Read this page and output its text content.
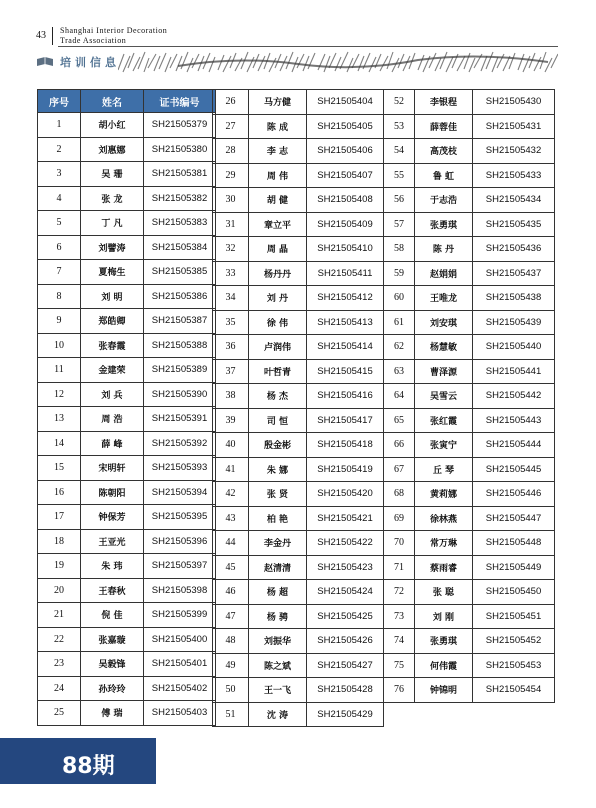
43 Shanghai Interior Decoration
Trade Association
培训信息
序号	姓名	证书编号
1	胡小红	SH21505379
2	刘惠娜	SH21505380
3	吴 珊	SH21505381
4	张 龙	SH21505382
5	丁 凡	SH21505383
6	刘譬涛	SH21505384
7	夏梅生	SH21505385
8	刘 明	SH21505386
9	郑皓卿	SH21505387
10	张春霞	SH21505388
11	金建荣	SH21505389
12	刘 兵	SH21505390
13	周 浩	SH21505391
14	薛 峰	SH21505392
15	宋明轩	SH21505393
16	陈朝阳	SH21505394
17	钟保芳	SH21505395
18	王亚光	SH21505396
19	朱 玮	SH21505397
20	王春秋	SH21505398
21	倪 佳	SH21505399
22	张嘉璇	SH21505400
23	吴毅锋	SH21505401
24	孙玲玲	SH21505402
25	傅 瑞	SH21505403
26	马方健	SH21505404
27	陈 成	SH21505405
28	李 志	SH21505406
29	周 伟	SH21505407
30	胡 健	SH21505408
31	章立平	SH21505409
32	周 晶	SH21505410
33	杨丹丹	SH21505411
34	刘 丹	SH21505412
35	徐 伟	SH21505413
36	卢润伟	SH21505414
37	叶哲青	SH21505415
38	杨 杰	SH21505416
39	司 恒	SH21505417
40	殷金彬	SH21505418
41	朱 娜	SH21505419
42	张 贤	SH21505420
43	柏 艳	SH21505421
44	李金丹	SH21505422
45	赵清清	SH21505423
46	杨 超	SH21505424
47	杨 骋	SH21505425
48	刘振华	SH21505426
49	陈之斌	SH21505427
50	王一飞	SH21505428
51	沈 涛	SH21505429
52	李银程	SH21505430
53	薛蓉佳	SH21505431
54	高茂枝	SH21505432
55	鲁 虹	SH21505433
56	于志浩	SH21505434
57	张勇琪	SH21505435
58	陈 丹	SH21505436
59	赵娟娟	SH21505437
60	王唯龙	SH21505438
61	刘安琪	SH21505439
62	杨慧敏	SH21505440
63	曹泽源	SH21505441
64	吴雪云	SH21505442
65	张红霞	SH21505443
66	张寅宁	SH21505444
67	丘 琴	SH21505445
68	黄莉娜	SH21505446
69	徐林燕	SH21505447
70	常万琳	SH21505448
71	蔡雨睿	SH21505449
72	张 聪	SH21505450
73	刘 刚	SH21505451
74	张勇琪	SH21505452
75	何伟霞	SH21505453
76	钟锦明	SH21505454
88期
